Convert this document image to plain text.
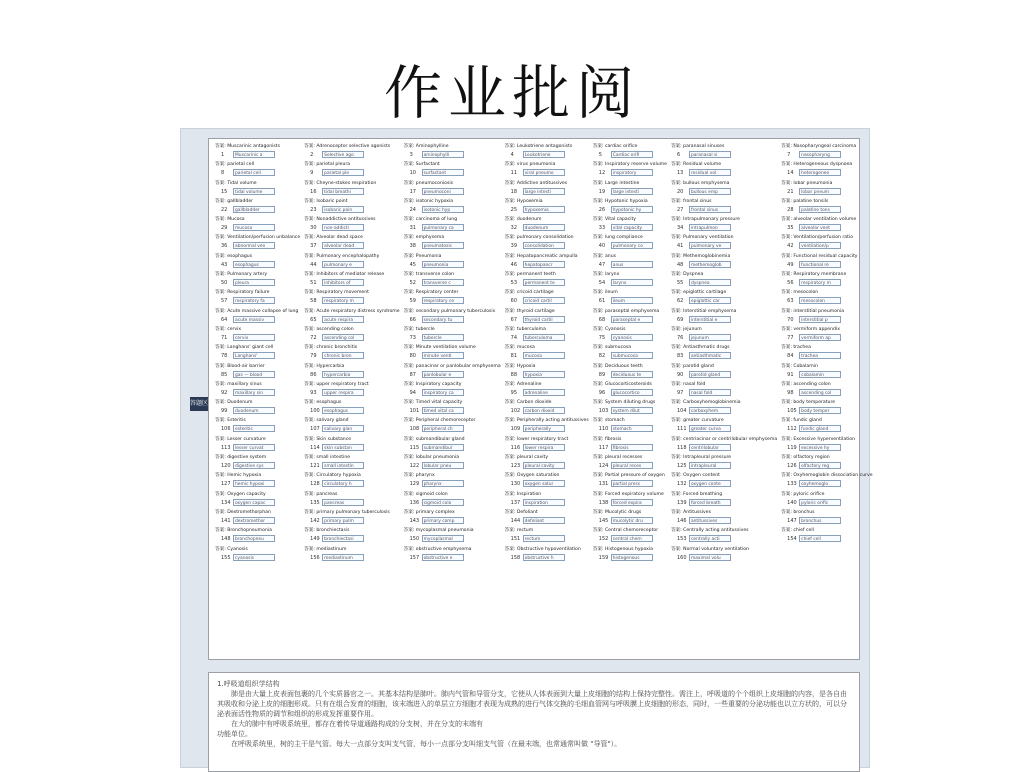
作业批阅
答题区
答案: Muscarinic antagonists
1	Muscarinic a
答案: Adrenoceptor selective agonists
2	Selective ago
答案: Aminophylline
3	aminophylli
答案: Leukotriene antagonists
4	Leukotriene
答案: cardiac orifice
5	Cardiac orifi
答案: paranasal sinuses
6	paranasal si
答案: Nasopharyngeal carcinoma
7	nasopharyng
答案: parietal cell
8	parietal cell
答案: parietal pleura
9	parietal ple
答案: Surfactant
10	surfactant
答案: virus pneumonia
11	viral pneumo
答案: Inspiratory reserve volume
12	inspiratory
答案: Residual volume
13	residual vol
答案: Heterogeneous dyspnoea
14	heterogeneo
答案: Tidal volume
15	tidal volume
答案: Cheyne-stokes respiration
16	tidal breathi
答案: pneumoconiosis
17	pneumoconi
答案: Addictive antitussives
18	large intesti
答案: Large intestine
19	large intesti
答案: bullous emphysema
20	bullous emp
答案: lobar pneumonia
21	lobar pneum
答案: gallbladder
22	gallbladder
答案: Isobaric point
23	isobaric poin
答案: isotonic hypoxia
24	isotonic hyp
答案: Hypoxemia
25	hypoxemia
答案: Hypotonic hypoxia
26	hypotonic hy
答案: frontal sinus
27	frontal sinus
答案: palatine tonsils
28	palatine tons
答案: Mucosa
29	mucosa
答案: Nonaddictive antitussives
30	non-addicti
答案: carcinoma of lung
31	pulmonary ca
答案: duodenum
32	duodenum
答案: Vital capacity
33	vital capacity
答案: Intrapulmonary pressure
34	intrapulmon
答案: alveolar ventilation volume
35	alveolar vent
答案: Ventilation/perfusion unbalance
36	abnormal ven
答案: Alveolar dead space
37	alveolar dead
答案: emphysema
38	pneumatosis
答案: pulmonary consolidation
39	consolidation
答案: lung compliance
40	pulmonary co
答案: Pulmonary ventilation
41	pulmonary ve
答案: Ventilation/perfusion ratio
42	ventilation/p
答案: esophagus
43	esophagus
答案: Pulmonary encephalopathy
44	pulmonary e
答案: Pneumonia
45	pneumonia
答案: Hepatopancreatic ampulla
46	hepatopancr
答案: anus
47	anus
答案: Methemoglobinemia
48	methemoglob
答案: Functional residual capacity
49	functional re
答案: Pulmonary artery
50	pleura
答案: Inhibitors of mediator release
51	inhibitors of
答案: transverse colon
52	transverse c
答案: permanent teeth
53	permanent te
答案: larynx
54	larynx
答案: Dyspnea
55	dyspnea
答案: Respiratory membrane
56	respiratory m
答案: Respiratory failure
57	respiratory fa
答案: Respiratory movement
58	respiratory m
答案: Respiratory center
59	respiratory ce
答案: cricoid cartilage
60	cricoid cartil
答案: ileum
61	ileum
答案: epiglottic cartilage
62	epiglottic car
答案: mesocolon
63	mesocolon
答案: Acute massive collapse of lung
64	acute massiv
答案: Acute respiratory distress syndrome
65	acute respira
答案: secondary pulmonary tuberculosis
66	secondary tu
答案: thyroid cartilage
67	thyroid cartil
答案: paraseptal emphysema
68	paraseptal e
答案: Interstitial emphysema
69	interstitial e
答案: interstitial pneumonia
70	interstitial p
答案: cervix
71	cervix
答案: ascending colon
72	ascending col
答案: tubercle
73	tubercle
答案: tuberculoma
74	tuberculoma
答案: Cyanosis
75	cyanosis
答案: jejunum
76	jejunum
答案: vermiform appendix
77	vermiform ap
答案: Langhans' giant cell
78	Langhans'
答案: chronic bronchitis
79	chronic bron
答案: Minute ventilation volume
80	minute venti
答案: mucosa
81	mucosa
答案: submucosa
82	submucosa
答案: Antiasthmatic drugs
83	antiasthmatic
答案: trachea
84	trachea
答案: Blood-air barrier
85	gas — blood
答案: Hypercarbia
86	hypercarbia
答案: panacinar or panlobular emphysema
87	panlobular e
答案: Hypoxia
88	hypoxia
答案: Deciduous teeth
89	deciduous te
答案: parotid gland
90	parotid gland
答案: Cobalamin
91	cobalamin
答案: maxillary sinus
92	maxillary sin
答案: upper respiratory tract
93	upper respira
答案: Inspiratory capacity
94	inspiratory ca
答案: Adrenaline
95	adrenaline
答案: Glucocorticosteroids
96	glucocortico
答案: nasal fold
97	nasal fold
答案: ascending colon
98	ascending col
答案: Duodenum
99	duodenum
答案: esophagus
100	esophagus
答案: Timed vital capacity
101	timed vital ca
答案: Carbon dioxide
102	carbon dioxid
答案: System diluting drugs
103	system dilut
答案: Carboxyhemoglobinemia
104	carboxyhem
答案: body temperature
105	body temper
答案: Esteritis
106	esteritis
答案: salivary gland
107	salivary glan
答案: Peripheral chemoreceptor
108	peripheral ch
答案: Peripherally acting antitussives
109	peripherally
答案: stomach
110	stomach
答案: greater curvature
111	greater curva
答案: fundic gland
112	fundic gland
答案: Lesser curvature
113	lesser curvat
答案: Skin substance
114	skin substan
答案: submandibular gland
115	submandibul
答案: lower respiratory tract
116	lower respira
答案: fibrosis
117	fibrosis
答案: centriacinar or centrilobular emphysema
118	centrilobular
答案: Excessive hyperventilation
119	excessive hy
答案: digestive system
120	digestive sys
答案: small intestine
121	small intestin
答案: lobular pneumonia
122	lobular pneu
答案: pleural cavity
123	pleural cavity
答案: pleural recesses
124	pleural reces
答案: Intrapleural pressure
125	intrapleural
答案: olfactory region
126	olfactory reg
答案: Hemic hypoxia
127	hemic hypoxi
答案: Circulatory hypoxia
128	circulatory h
答案: pharynx
129	pharynx
答案: Oxygen saturation
130	oxygen satur
答案: Partial pressure of oxygen
131	partial press
答案: Oxygen content
132	oxygen conte
答案: Oxyhemoglobin dissociation curve
133	oxyhemoglo
答案: Oxygen capacity
134	oxygen capac
答案: pancreas
135	pancreas
答案: sigmoid colon
136	sigmoid colo
答案: Inspiration
137	inspiration
答案: Forced expiratory volume
138	forced expira
答案: Forced breathing
139	forced breath
答案: pyloric orifice
140	pyloric orific
答案: Dextromethorphan
141	dextromethor
答案: primary pulmonary tuberculosis
142	primary pulm
答案: primary complex
143	primary comp
答案: Defoliant
144	defoliant
答案: Mucolytic drugs
145	mucolytic dru
答案: Antitussives
146	antitussives
答案: bronchus
147	bronchus
答案: Bronchopneumonia
148	bronchopneu
答案: bronchiectasis
149	bronchiectasi
答案: mycoplasmal pneumonia
150	mycoplasmal
答案: rectum
151	rectum
答案: Central chemoreceptor
152	central chem
答案: Centrally acting antitussives
153	centrally acti
答案: chief cell
154	chief cell
答案: Cyanosis
155	cyanosis
答案: mediastinum
156	mediastinum
答案: obstructive emphysema
157	obstructive e
答案: Obstructive hypoventilation
158	obstructive h
答案: Histogenous hypoxia
159	histogenous
答案: Normal voluntary ventilation
160	maximal volu

1.呼吸道组织学结构

肺是由大量上皮表面包裹的几个实质器官之一。其基本结构是肺叶。肺内气管和导管分支，它使从人体表面到大量上皮细胞的结构上保持完整性。需注上，呼吸道的个个组织上皮细胞的内容，是各自由其吸收和分泌上皮的细胞形成。只有在组合发育的细胞，该末端进入的单层立方细胞才表现为成熟的进行气体交换的毛细血管网与呼吸膜上皮细胞的形态，同时，一些重要的分泌功能也以立方状的，可以分泌表面活性物质的调节和组织的形成发挥重要作用。

在大的肺中有呼吸系统里，都存在着传导道通路构成的分支树，并在分支的末端有

功能单位。

在呼吸系统里，树的主干是气管。每大一点部分支叫支气管，每小一点部分支叫细支气管（在最末端，也常通常叫做 "导管"）。
